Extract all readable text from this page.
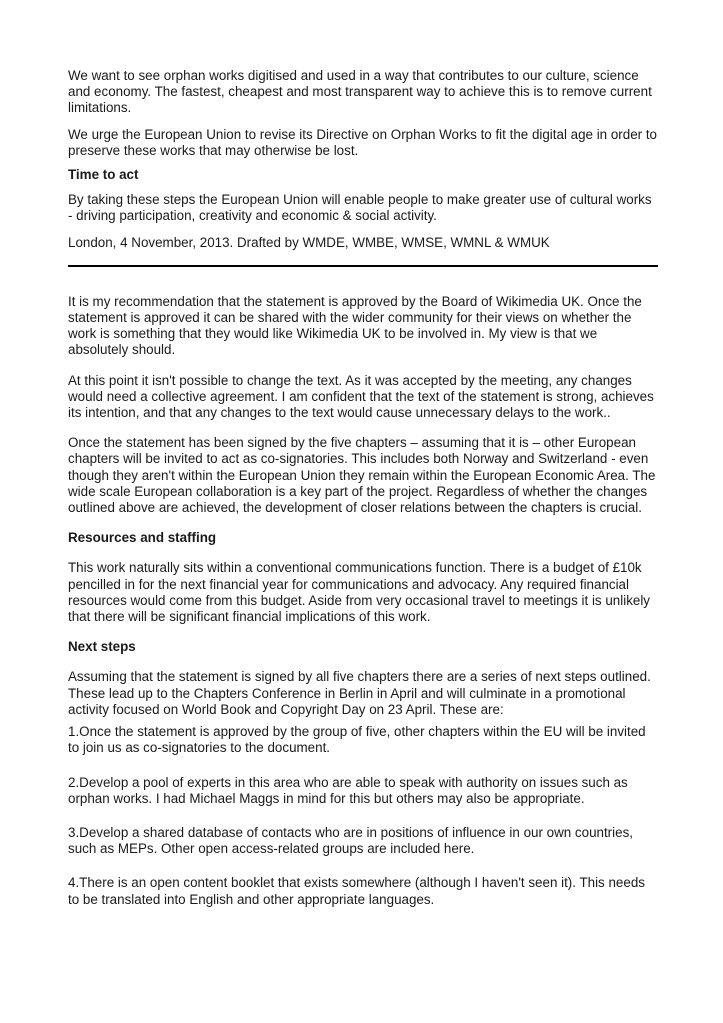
We want to see orphan works digitised and used in a way that contributes to our culture, science and economy. The fastest, cheapest and most transparent way to achieve this is to remove current limitations.

We urge the European Union to revise its Directive on Orphan Works to fit the digital age in order to preserve these works that may otherwise be lost.

Time to act

By taking these steps the European Union will enable people to make greater use of cultural works - driving participation, creativity and economic & social activity.

London, 4 November, 2013. Drafted by WMDE, WMBE, WMSE, WMNL & WMUK

It is my recommendation that the statement is approved by the Board of Wikimedia UK. Once the statement is approved it can be shared with the wider community for their views on whether the work is something that they would like Wikimedia UK to be involved in. My view is that we absolutely should.

At this point it isn't possible to change the text. As it was accepted by the meeting, any changes would need a collective agreement. I am confident that the text of the statement is strong, achieves its intention, and that any changes to the text would cause unnecessary delays to the work..

Once the statement has been signed by the five chapters – assuming that it is – other European chapters will be invited to act as co-signatories. This includes both Norway and Switzerland - even though they aren't within the European Union they remain within the European Economic Area. The wide scale European collaboration is a key part of the project. Regardless of whether the changes outlined above are achieved, the development of closer relations between the chapters is crucial.

Resources and staffing

This work naturally sits within a conventional communications function. There is a budget of £10k pencilled in for the next financial year for communications and advocacy. Any required financial resources would come from this budget. Aside from very occasional travel to meetings it is unlikely that there will be significant financial implications of this work.

Next steps

Assuming that the statement is signed by all five chapters there are a series of next steps outlined. These lead up to the Chapters Conference in Berlin in April and will culminate in a promotional activity focused on World Book and Copyright Day on 23 April. These are:

1.Once the statement is approved by the group of five, other chapters within the EU will be invited to join us as co-signatories to the document.

2.Develop a pool of experts in this area who are able to speak with authority on issues such as orphan works. I had Michael Maggs in mind for this but others may also be appropriate.

3.Develop a shared database of contacts who are in positions of influence in our own countries, such as MEPs. Other open access-related groups are included here.

4.There is an open content booklet that exists somewhere (although I haven't seen it). This needs to be translated into English and other appropriate languages.
